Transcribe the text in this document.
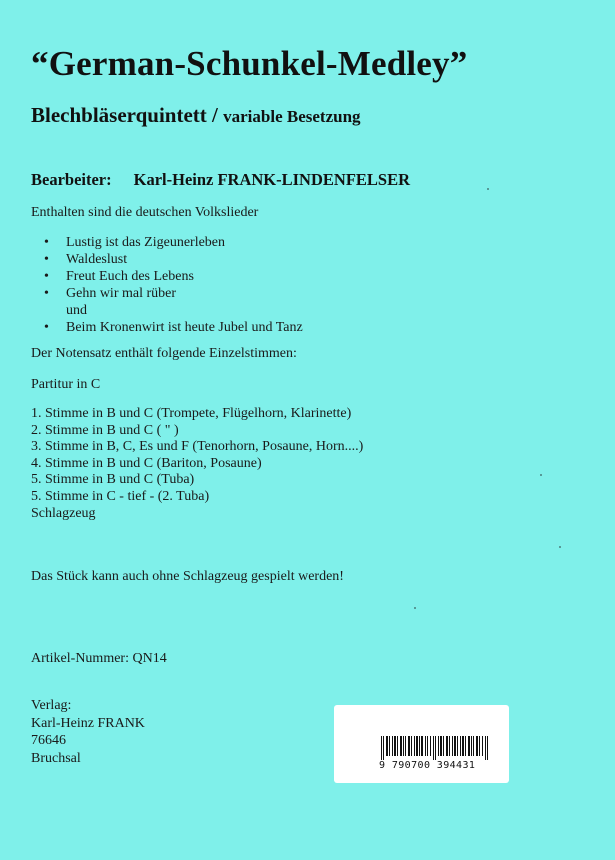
“German-Schunkel-Medley”
Blechbläserquintett / variable Besetzung
Bearbeiter: Karl-Heinz FRANK-LINDENFELSER
Enthalten sind die deutschen Volkslieder
• Lustig ist das Zigeunerleben
• Waldeslust
• Freut Euch des Lebens
• Gehn wir mal rüber
und
• Beim Kronenwirt ist heute Jubel und Tanz
Der Notensatz enthält folgende Einzelstimmen:
Partitur in C
1. Stimme in B und C (Trompete, Flügelhorn, Klarinette)
2. Stimme in B und C ( " )
3. Stimme in B, C, Es und F (Tenorhorn, Posaune, Horn....)
4. Stimme in B und C (Bariton, Posaune)
5. Stimme in B und C (Tuba)
5. Stimme in C - tief - (2. Tuba)
Schlagzeug
Das Stück kann auch ohne Schlagzeug gespielt werden!
Artikel-Nummer: QN14
Verlag:
Karl-Heinz FRANK
76646
Bruchsal	9 790700 394431
